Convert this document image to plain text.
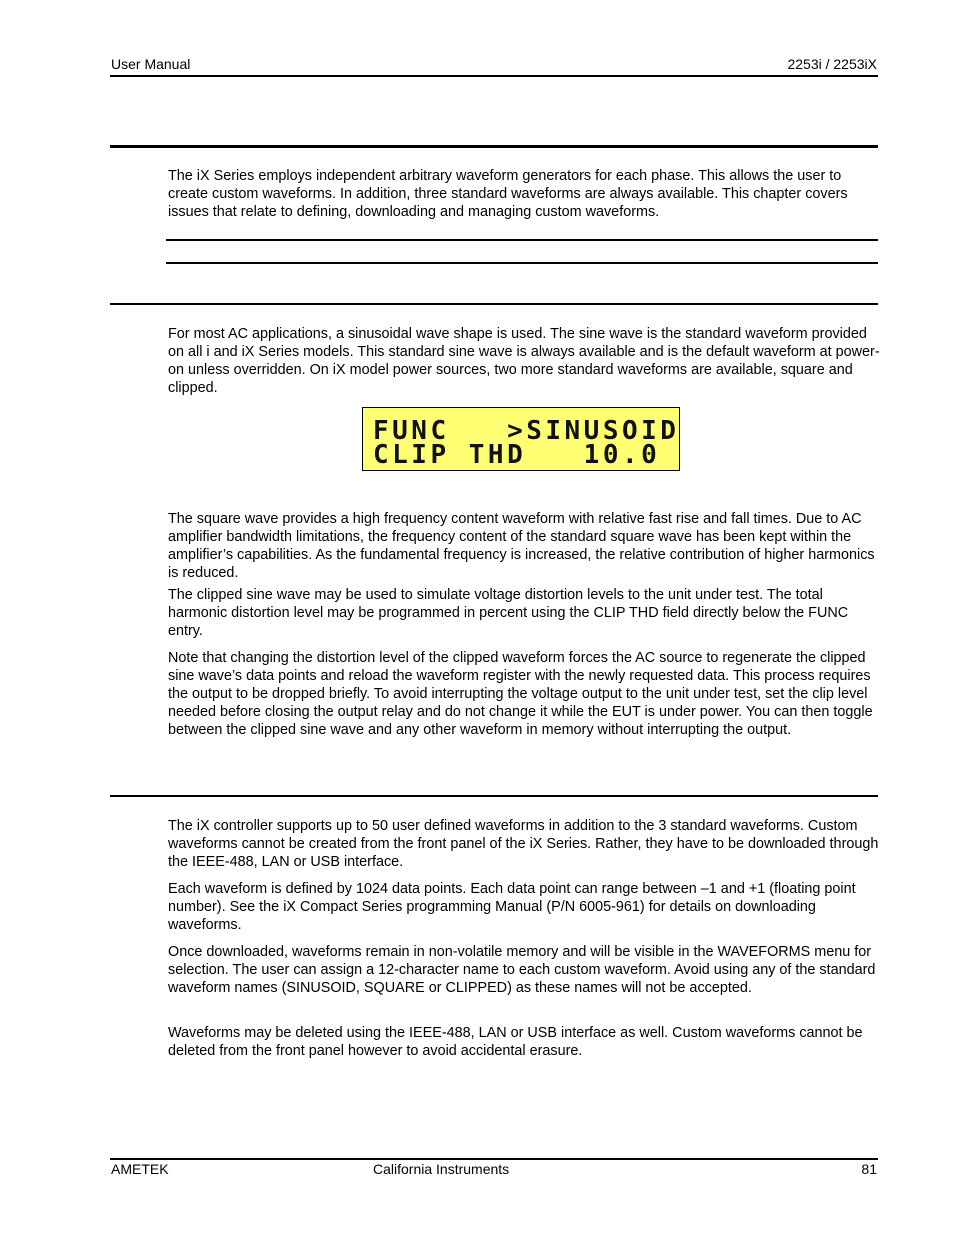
User Manual	2253i / 2253iX

The iX Series employs independent arbitrary waveform generators for each phase. This allows the user to create custom waveforms. In addition, three standard waveforms are always available. This chapter covers issues that relate to defining, downloading and managing custom waveforms.

For most AC applications, a sinusoidal wave shape is used. The sine wave is the standard waveform provided on all i and iX Series models. This standard sine wave is always available and is the default waveform at power-on unless overridden. On iX model power sources, two more standard waveforms are available, square and clipped.

FUNC   >SINUSOID
CLIP THD   10.0

The square wave provides a high frequency content waveform with relative fast rise and fall times. Due to AC amplifier bandwidth limitations, the frequency content of the standard square wave has been kept within the amplifier’s capabilities. As the fundamental frequency is increased, the relative contribution of higher harmonics is reduced.

The clipped sine wave may be used to simulate voltage distortion levels to the unit under test. The total harmonic distortion level may be programmed in percent using the CLIP THD field directly below the FUNC entry.

Note that changing the distortion level of the clipped waveform forces the AC source to regenerate the clipped sine wave’s data points and reload the waveform register with the newly requested data. This process requires the output to be dropped briefly. To avoid interrupting the voltage output to the unit under test, set the clip level needed before closing the output relay and do not change it while the EUT is under power. You can then toggle between the clipped sine wave and any other waveform in memory without interrupting the output.

The iX controller supports up to 50 user defined waveforms in addition to the 3 standard waveforms. Custom waveforms cannot be created from the front panel of the iX Series. Rather, they have to be downloaded through the IEEE-488, LAN or USB interface.

Each waveform is defined by 1024 data points. Each data point can range between –1 and +1 (floating point number). See the iX Compact Series programming Manual (P/N 6005-961) for details on downloading waveforms.

Once downloaded, waveforms remain in non-volatile memory and will be visible in the WAVEFORMS menu for selection. The user can assign a 12-character name to each custom waveform. Avoid using any of the standard waveform names (SINUSOID, SQUARE or CLIPPED) as these names will not be accepted.

Waveforms may be deleted using the IEEE-488, LAN or USB interface as well. Custom waveforms cannot be deleted from the front panel however to avoid accidental erasure.

AMETEK	California Instruments	81
